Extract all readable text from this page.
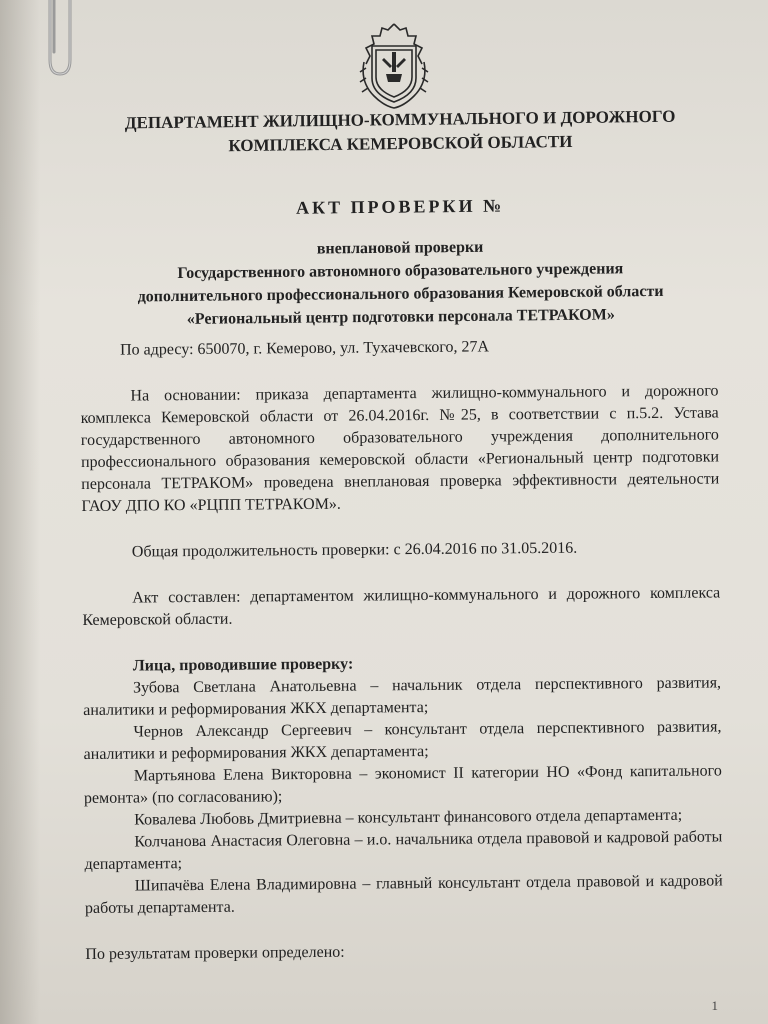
ДЕПАРТАМЕНТ ЖИЛИЩНО-КОММУНАЛЬНОГО И ДОРОЖНОГО
КОМПЛЕКСА КЕМЕРОВСКОЙ ОБЛАСТИ
АКТ ПРОВЕРКИ №
внеплановой проверки
Государственного автономного образовательного учреждения
дополнительного профессионального образования Кемеровской области
«Региональный центр подготовки персонала ТЕТРАКОМ»

По адресу: 650070, г. Кемерово, ул. Тухачевского, 27А

На основании: приказа департамента жилищно-коммунального и дорожного комплекса Кемеровской области от 26.04.2016г. №25, в соответствии с п.5.2. Устава государственного автономного образовательного учреждения дополнительного профессионального образования кемеровской области «Региональный центр подготовки персонала ТЕТРАКОМ» проведена внеплановая проверка эффективности деятельности ГАОУ ДПО КО «РЦПП ТЕТРАКОМ».

Общая продолжительность проверки: с 26.04.2016 по 31.05.2016.

Акт составлен: департаментом жилищно-коммунального и дорожного комплекса Кемеровской области.

Лица, проводившие проверку:

Зубова Светлана Анатольевна – начальник отдела перспективного развития, аналитики и реформирования ЖКХ департамента;

Чернов Александр Сергеевич – консультант отдела перспективного развития, аналитики и реформирования ЖКХ департамента;

Мартьянова Елена Викторовна – экономист II категории НО «Фонд капитального ремонта» (по согласованию);

Ковалева Любовь Дмитриевна – консультант финансового отдела департамента;

Колчанова Анастасия Олеговна – и.о. начальника отдела правовой и кадровой работы департамента;

Шипачёва Елена Владимировна – главный консультант отдела правовой и кадровой работы департамента.

По результатам проверки определено:

1
